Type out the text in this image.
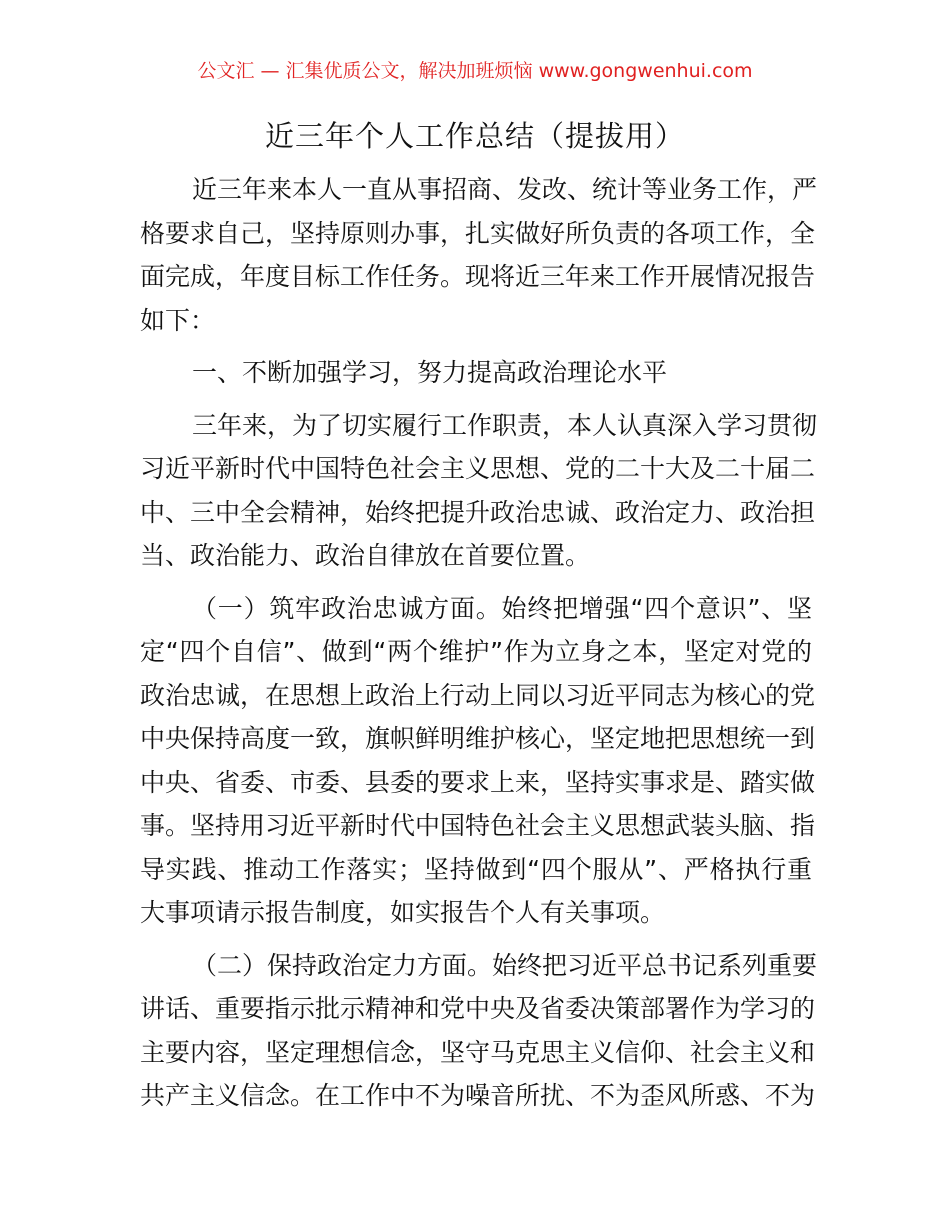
公文汇 — 汇集优质公文，解决加班烦恼 www.gongwenhui.com
近三年个人工作总结（提拔用）
近三年来本人一直从事招商、发改、统计等业务工作，严
格要求自己，坚持原则办事，扎实做好所负责的各项工作，全
面完成，年度目标工作任务。现将近三年来工作开展情况报告
如下：
一、不断加强学习，努力提高政治理论水平
三年来，为了切实履行工作职责，本人认真深入学习贯彻
习近平新时代中国特色社会主义思想、党的二十大及二十届二
中、三中全会精神，始终把提升政治忠诚、政治定力、政治担
当、政治能力、政治自律放在首要位置。
（一）筑牢政治忠诚方面。始终把增强“四个意识”、坚
定“四个自信”、做到“两个维护”作为立身之本，坚定对党的
政治忠诚，在思想上政治上行动上同以习近平同志为核心的党
中央保持高度一致，旗帜鲜明维护核心，坚定地把思想统一到
中央、省委、市委、县委的要求上来，坚持实事求是、踏实做
事。坚持用习近平新时代中国特色社会主义思想武装头脑、指
导实践、推动工作落实；坚持做到“四个服从”、严格执行重
大事项请示报告制度，如实报告个人有关事项。
（二）保持政治定力方面。始终把习近平总书记系列重要
讲话、重要指示批示精神和党中央及省委决策部署作为学习的
主要内容，坚定理想信念，坚守马克思主义信仰、社会主义和
共产主义信念。在工作中不为噪音所扰、不为歪风所惑、不为
